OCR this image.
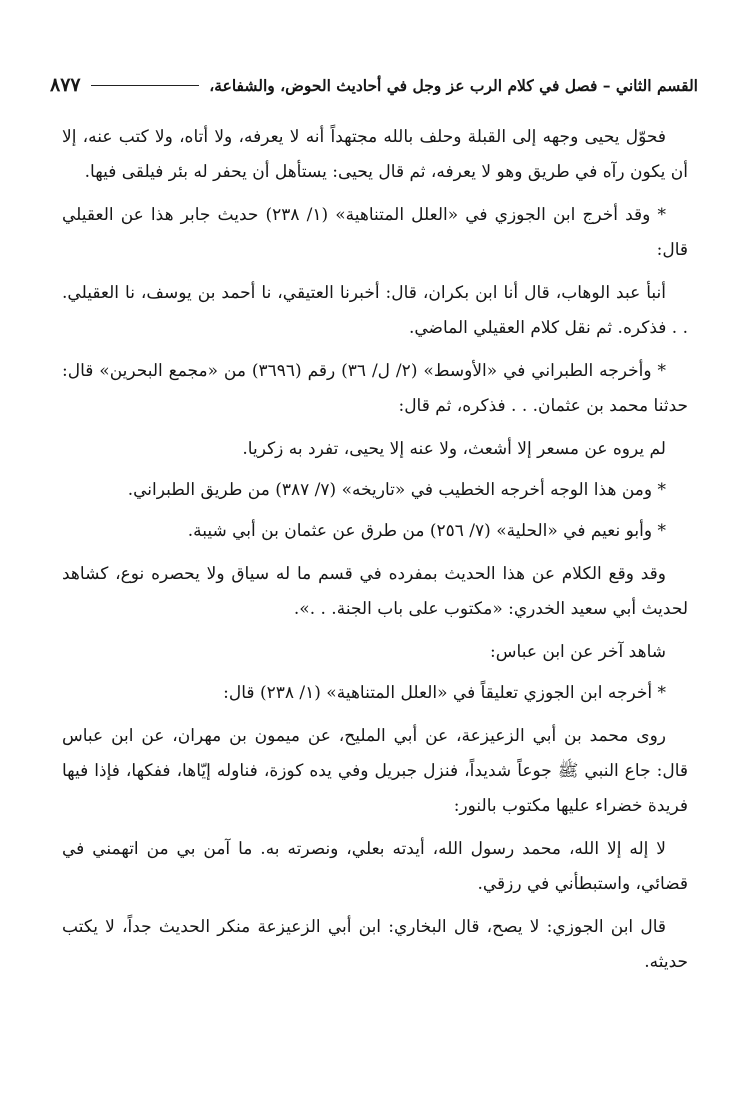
القسم الثاني – فصل في كلام الرب عز وجل في أحاديث الحوض، والشفاعة،
٨٧٧

فحوّل يحيى وجهه إلى القبلة وحلف بالله مجتهداً أنه لا يعرفه، ولا أتاه، ولا كتب عنه، إلا أن يكون رآه في طريق وهو لا يعرفه، ثم قال يحيى: يستأهل أن يحفر له بئر فيلقى فيها.

* وقد أخرج ابن الجوزي في «العلل المتناهية» (١/ ٢٣٨) حديث جابر هذا عن العقيلي قال:

أنبأ عبد الوهاب، قال أنا ابن بكران، قال: أخبرنا العتيقي، نا أحمد بن يوسف، نا العقيلي. . . فذكره. ثم نقل كلام العقيلي الماضي.

* وأخرجه الطبراني في «الأوسط» (٢/ ل/ ٣٦) رقم (٣٦٩٦) من «مجمع البحرين» قال: حدثنا محمد بن عثمان. . . فذكره، ثم قال:

لم يروه عن مسعر إلا أشعث، ولا عنه إلا يحيى، تفرد به زكريا.

* ومن هذا الوجه أخرجه الخطيب في «تاريخه» (٧/ ٣٨٧) من طريق الطبراني.

* وأبو نعيم في «الحلية» (٧/ ٢٥٦) من طرق عن عثمان بن أبي شيبة.

وقد وقع الكلام عن هذا الحديث بمفرده في قسم ما له سياق ولا يحصره نوع، كشاهد لحديث أبي سعيد الخدري: «مكتوب على باب الجنة. . .».

شاهد آخر عن ابن عباس:

* أخرجه ابن الجوزي تعليقاً في «العلل المتناهية» (١/ ٢٣٨) قال:

روى محمد بن أبي الزعيزعة، عن أبي المليح، عن ميمون بن مهران، عن ابن عباس قال: جاع النبي ﷺ جوعاً شديداً، فنزل جبريل وفي يده كوزة، فناوله إيّاها، ففكها، فإذا فيها فريدة خضراء عليها مكتوب بالنور:

لا إله إلا الله، محمد رسول الله، أيدته بعلي، ونصرته به. ما آمن بي من اتهمني في قضائي، واستبطأني في رزقي.

قال ابن الجوزي: لا يصح، قال البخاري: ابن أبي الزعيزعة منكر الحديث جداً، لا يكتب حديثه.
